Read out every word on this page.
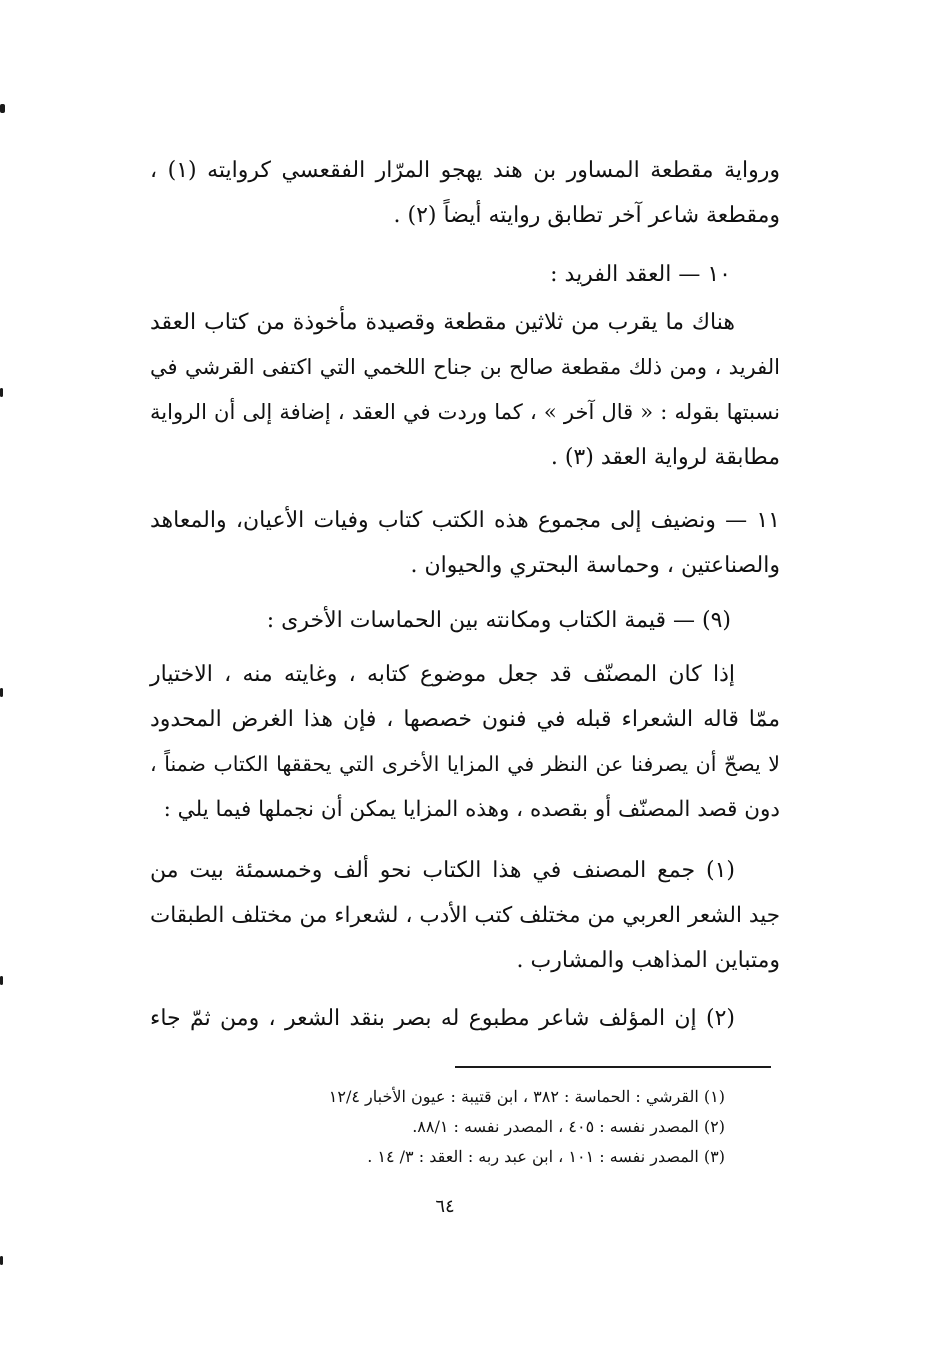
ورواية مقطعة المساور بن هند يهجو المرّار الفقعسي كروايته (١) ،
ومقطعة شاعر آخر تطابق روايته أيضاً (٢) .
١٠ — العقد الفريد :
هناك ما يقرب من ثلاثين مقطعة وقصيدة مأخوذة من كتاب العقد
الفريد ، ومن ذلك مقطعة صالح بن جناح اللخمي التي اكتفى القرشي في
نسبتها بقوله : « قال آخر » ، كما وردت في العقد ، إضافة إلى أن الرواية
مطابقة لرواية العقد (٣) .
١١ — ونضيف إلى مجموع هذه الكتب كتاب وفيات الأعيان، والمعاهد
والصناعتين ، وحماسة البحتري والحيوان .
(٩) — قيمة الكتاب ومكانته بين الحماسات الأخرى :
إذا كان المصنّف قد جعل موضوع كتابه ، وغايته منه ، الاختيار
ممّا قاله الشعراء قبله في فنون خصصها ، فإن هذا الغرض المحدود
لا يصحّ أن يصرفنا عن النظر في المزايا الأخرى التي يحققها الكتاب ضمناً ،
دون قصد المصنّف أو بقصده ، وهذه المزايا يمكن أن نجملها فيما يلي :
(١) جمع المصنف في هذا الكتاب نحو ألف وخمسمئة بيت من
جيد الشعر العربي من مختلف كتب الأدب ، لشعراء من مختلف الطبقات
ومتباين المذاهب والمشارب .
(٢) إن المؤلف شاعر مطبوع له بصر بنقد الشعر ، ومن ثمّ جاء
(١) القرشي : الحماسة : ٣٨٢ ، ابن قتيبة : عيون الأخبار ١٢/٤
(٢) المصدر نفسه : ٤٠٥ ، المصدر نفسه : ٨٨/١.
(٣) المصدر نفسه : ١٠١ ، ابن عبد ربه : العقد : ٣/ ١٤ .
٦٤
